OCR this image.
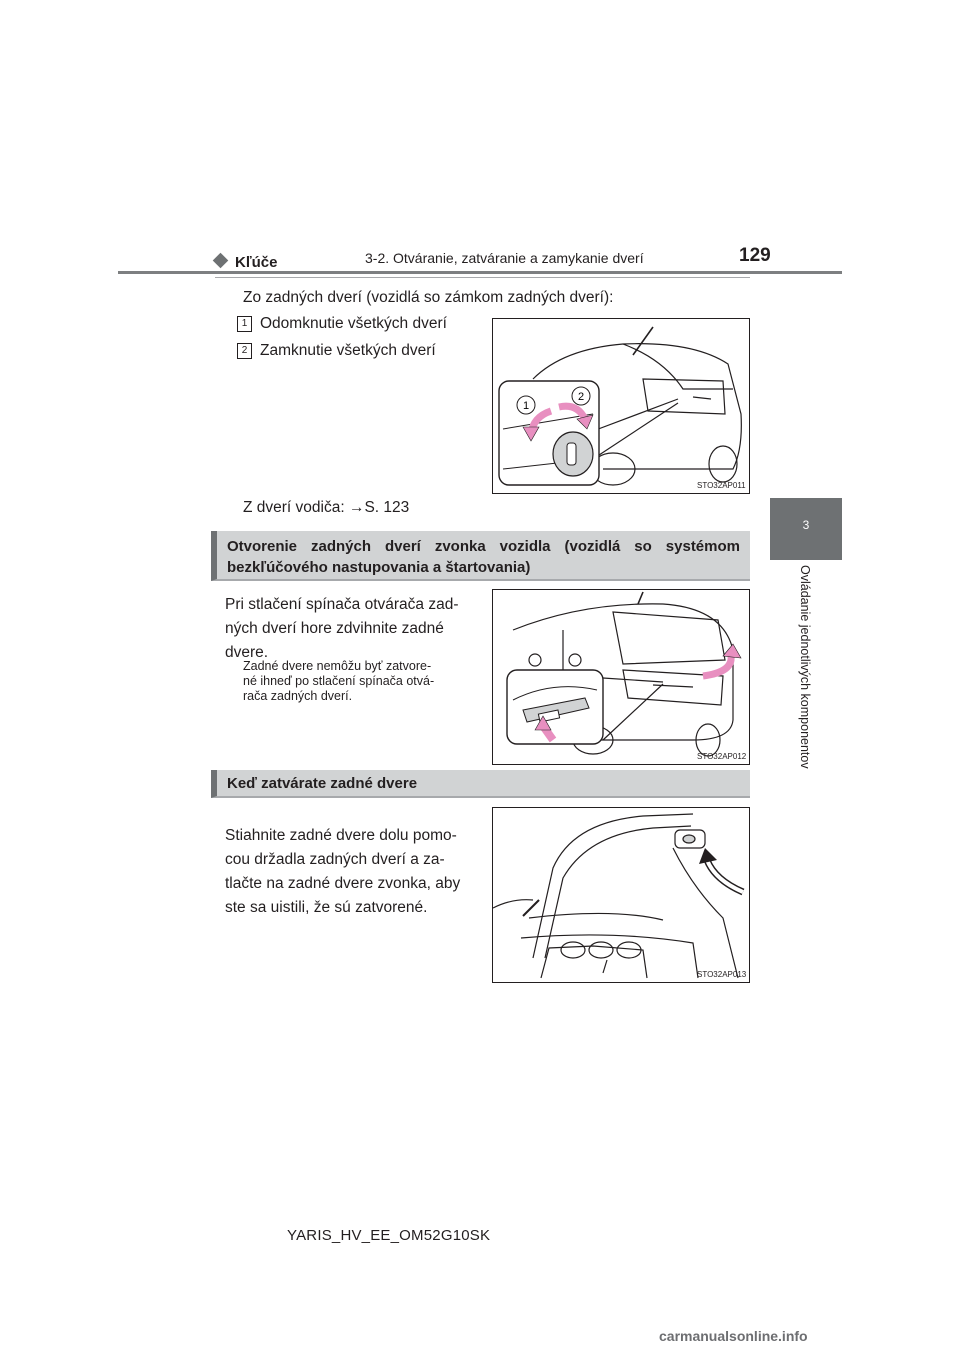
3-2. Otváranie, zatváranie a zamykanie dverí	129
3
Ovládanie jednotlivých komponentov
Kľúče
Zo zadných dverí (vozidlá so zámkom zadných dverí):
1 Odomknutie všetkých dverí
2 Zamknutie všetkých dverí
Z dverí vodiča: →S. 123
1
2
STO32AP011
Otvorenie zadných dverí zvonka vozidla (vozidlá so systémom bezkľúčového nastupovania a štartovania)
Pri stlačení spínača otvárača zad-
ných dverí hore zdvihnite zadné
dvere.
Zadné dvere nemôžu byť zatvore-
né ihneď po stlačení spínača otvá-
rača zadných dverí.
STO32AP012
Keď zatvárate zadné dvere
Stiahnite zadné dvere dolu pomo-
cou držadla zadných dverí a za-
tlačte na zadné dvere zvonka, aby
ste sa uistili, že sú zatvorené.
STO32AP013
YARIS_HV_EE_OM52G10SK
carmanualsonline.info
